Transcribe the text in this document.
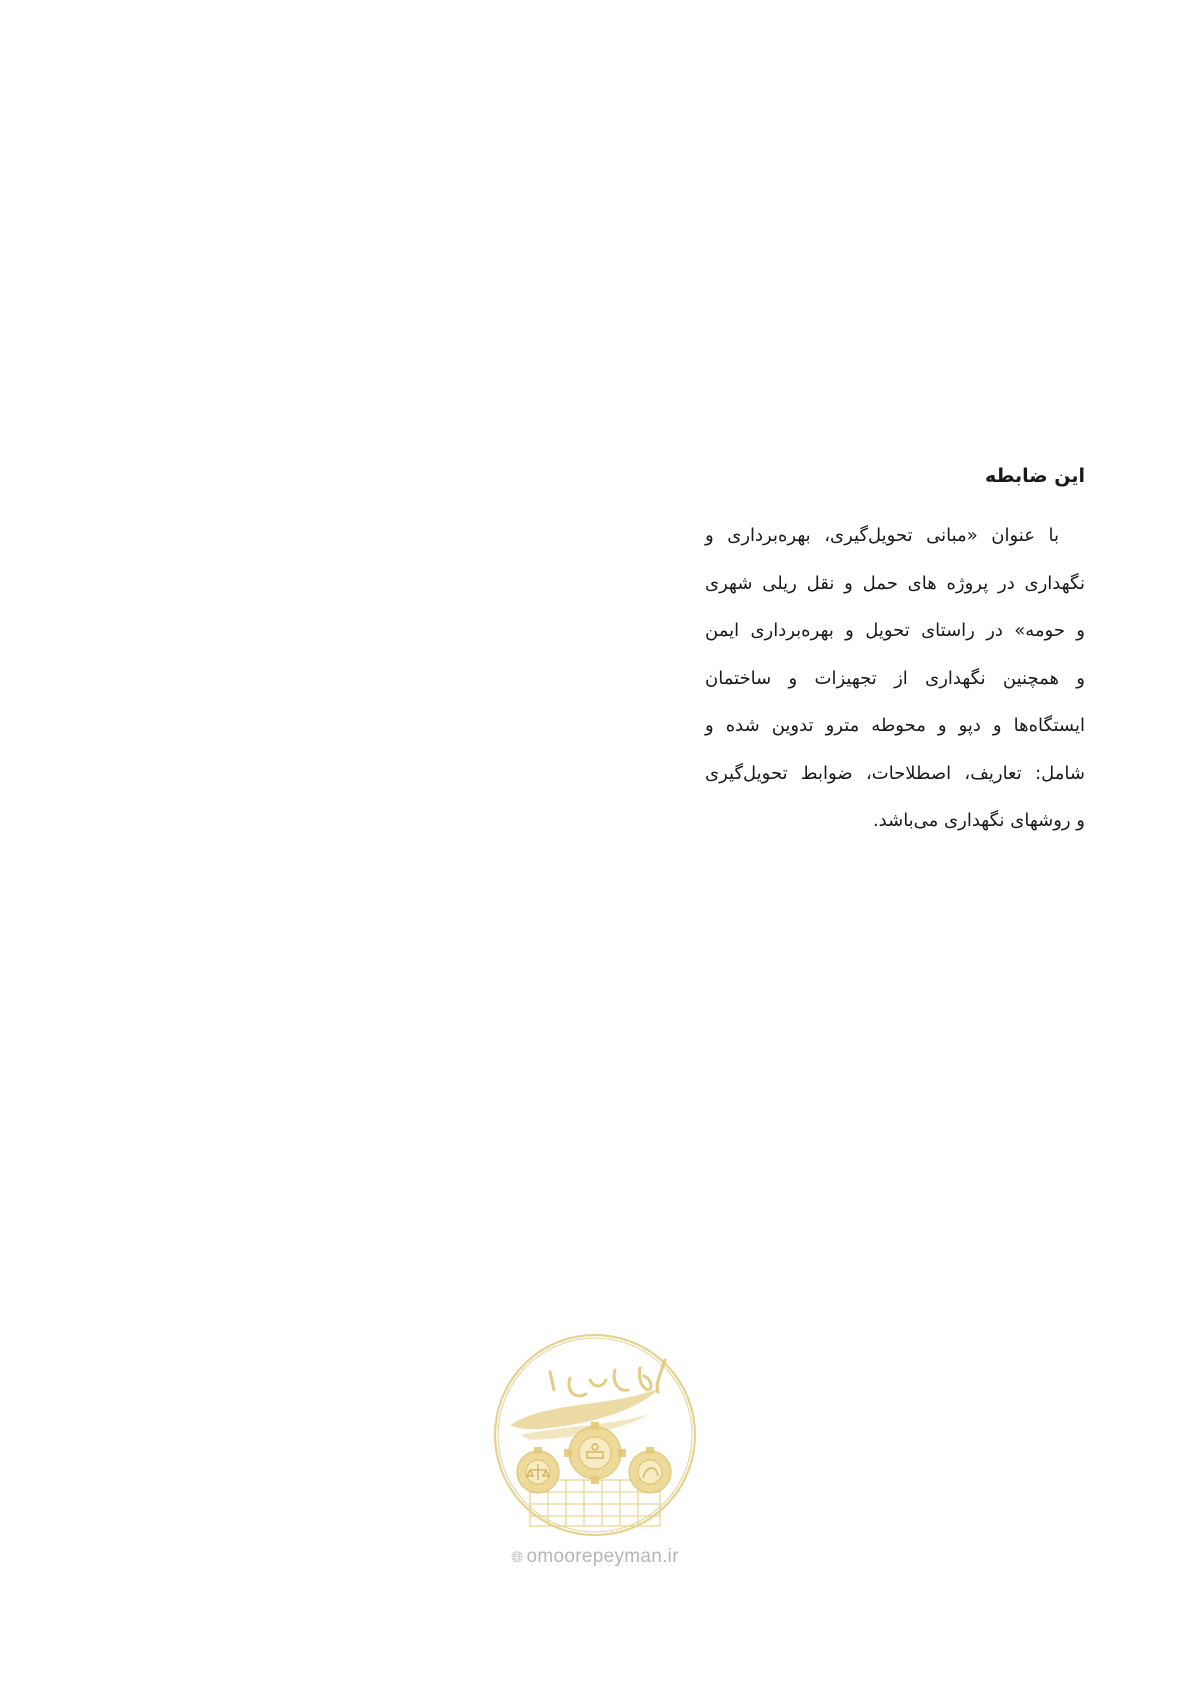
این ضابطه

با عنوان «مبانی تحویل‌گیری، بهره‌برداری و
نگهداری در پروژه های حمل و نقل ریلی شهری
و حومه» در راستای تحویل و بهره‌برداری ایمن
و همچنین نگهداری از تجهیزات و ساختمان
ایستگاه‌ها و دپو و محوطه مترو تدوین شده و
شامل: تعاریف، اصطلاحات، ضوابط تحویل‌گیری
و روشهای نگهداری می‌باشد.
🌐︎ omoorepeyman.ir
